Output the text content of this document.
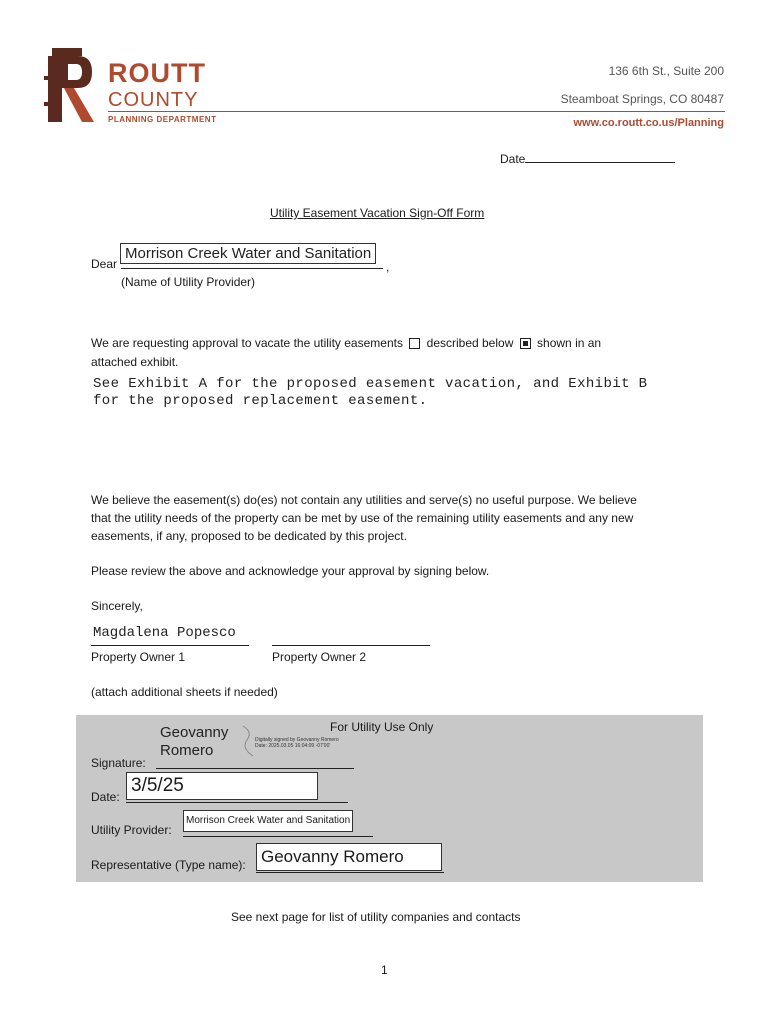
ROUTT
COUNTY
PLANNING DEPARTMENT
136 6th St., Suite 200
Steamboat Springs, CO 80487
www.co.routt.co.us/Planning
Date
Utility Easement Vacation Sign-Off Form
Dear	,
Morrison Creek Water and Sanitation
(Name of Utility Provider)
We are requesting approval to vacate the utility easements described below shown in an
attached exhibit.
See Exhibit A for the proposed easement vacation, and Exhibit B
for the proposed replacement easement.
We believe the easement(s) do(es) not contain any utilities and serve(s) no useful purpose. We believe
that the utility needs of the property can be met by use of the remaining utility easements and any new
easements, if any, proposed to be dedicated by this project.
Please review the above and acknowledge your approval by signing below.
Sincerely,
Magdalena Popesco
Property Owner 1	Property Owner 2
(attach additional sheets if needed)
For Utility Use Only
Signature:
Geovanny
Romero
Digitally signed by Geovanny Romero
Date: 2025.03.05 16:04:09 -07'00'
Date:
3/5/25
Utility Provider:
Morrison Creek Water and Sanitation
Representative (Type name): Geovanny Romero
See next page for list of utility companies and contacts
1
